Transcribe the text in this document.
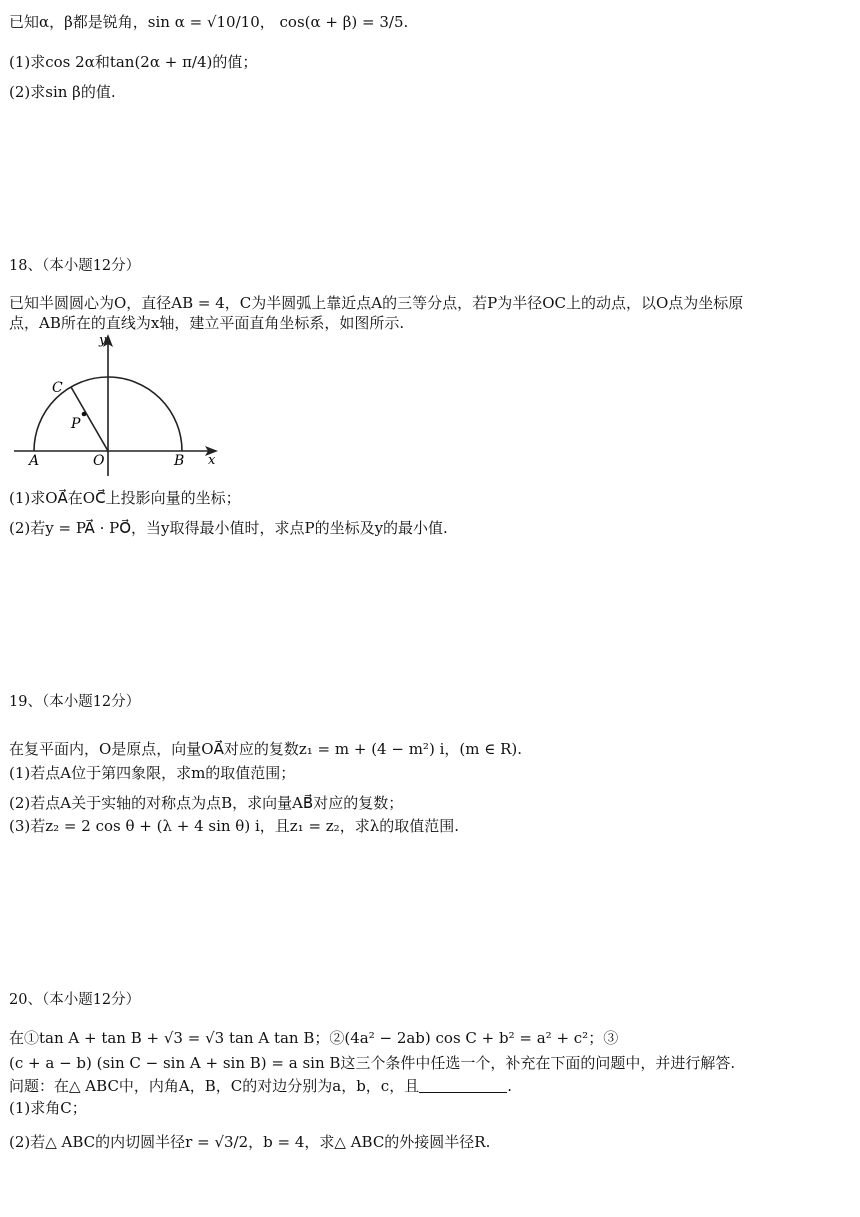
已知α，β都是锐角，sin α = √10/10， cos(α + β) = 3/5.
(1)求cos 2α和tan(2α + π/4)的值；
(2)求sin β的值.
18、（本小题12分）
已知半圆圆心为O，直径AB = 4，C为半圆弧上靠近点A的三等分点，若P为半径OC上的动点，以O点为坐标原
点，AB所在的直线为x轴，建立平面直角坐标系，如图所示.
y
x
A	O	B
C
P
(1)求OA⃗在OC⃗上投影向量的坐标；
(2)若y = PA⃗ · PO⃗，当y取得最小值时，求点P的坐标及y的最小值.
19、（本小题12分）
在复平面内，O是原点，向量OA⃗对应的复数z₁ = m + (4 − m²) i，(m ∈ R).
(1)若点A位于第四象限，求m的取值范围；
(2)若点A关于实轴的对称点为点B，求向量AB⃗对应的复数；
(3)若z₂ = 2 cos θ + (λ + 4 sin θ) i，且z₁ = z₂，求λ的取值范围.
20、（本小题12分）
在①tan A + tan B + √3 = √3 tan A tan B；②(4a² − 2ab) cos C + b² = a² + c²；③
(c + a − b) (sin C − sin A + sin B) = a sin B这三个条件中任选一个，补充在下面的问题中，并进行解答.
问题：在△ ABC中，内角A，B，C的对边分别为a，b，c，且	.
(1)求角C；
(2)若△ ABC的内切圆半径r = √3/2，b = 4，求△ ABC的外接圆半径R.
